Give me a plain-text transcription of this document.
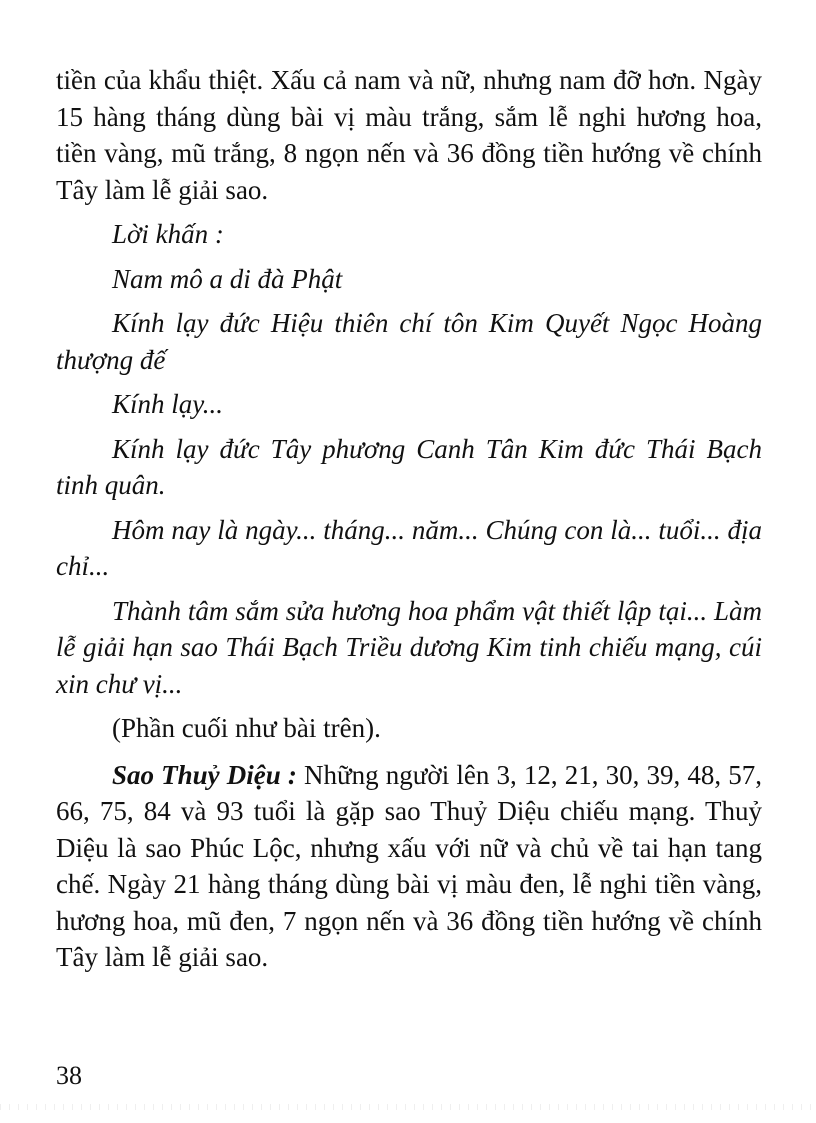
tiền của khẩu thiệt. Xấu cả nam và nữ, nhưng nam đỡ hơn. Ngày 15 hàng tháng dùng bài vị màu trắng, sắm lễ nghi hương hoa, tiền vàng, mũ trắng, 8 ngọn nến và 36 đồng tiền hướng về chính Tây làm lễ giải sao.

Lời khấn :

Nam mô a di đà Phật

Kính lạy đức Hiệu thiên chí tôn Kim Quyết Ngọc Hoàng thượng đế

Kính lạy...

Kính lạy đức Tây phương Canh Tân Kim đức Thái Bạch tinh quân.

Hôm nay là ngày... tháng... năm... Chúng con là... tuổi... địa chỉ...

Thành tâm sắm sửa hương hoa phẩm vật thiết lập tại... Làm lễ giải hạn sao Thái Bạch Triều dương Kim tinh chiếu mạng, cúi xin chư vị...

(Phần cuối như bài trên).

Sao Thuỷ Diệu : Những người lên 3, 12, 21, 30, 39, 48, 57, 66, 75, 84 và 93 tuổi là gặp sao Thuỷ Diệu chiếu mạng. Thuỷ Diệu là sao Phúc Lộc, nhưng xấu với nữ và chủ về tai hạn tang chế. Ngày 21 hàng tháng dùng bài vị màu đen, lễ nghi tiền vàng, hương hoa, mũ đen, 7 ngọn nến và 36 đồng tiền hướng về chính Tây làm lễ giải sao.

38
